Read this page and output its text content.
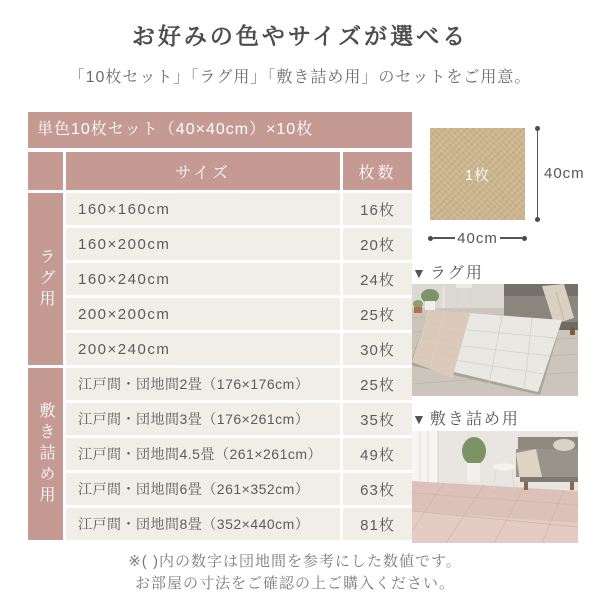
お好みの色やサイズが選べる

「10枚セット」「ラグ用」「敷き詰め用」のセットをご用意。

単色10枚セット（40×40cm）×10枚
サイズ	枚数
ラグ用
160×160cm	16枚
160×200cm	20枚
160×240cm	24枚
200×200cm	25枚
200×240cm	30枚
敷き詰め用
江戸間・団地間2畳（176×176cm）	25枚
江戸間・団地間3畳（176×261cm）	35枚
江戸間・団地間4.5畳（261×261cm）	49枚
江戸間・団地間6畳（261×352cm）	63枚
江戸間・団地間8畳（352×440cm）	81枚
1枚	40cm
40cm
▼ ラグ用
▼ 敷き詰め用
※( )内の数字は団地間を参考にした数値です。
お部屋の寸法をご確認の上ご購入ください。
